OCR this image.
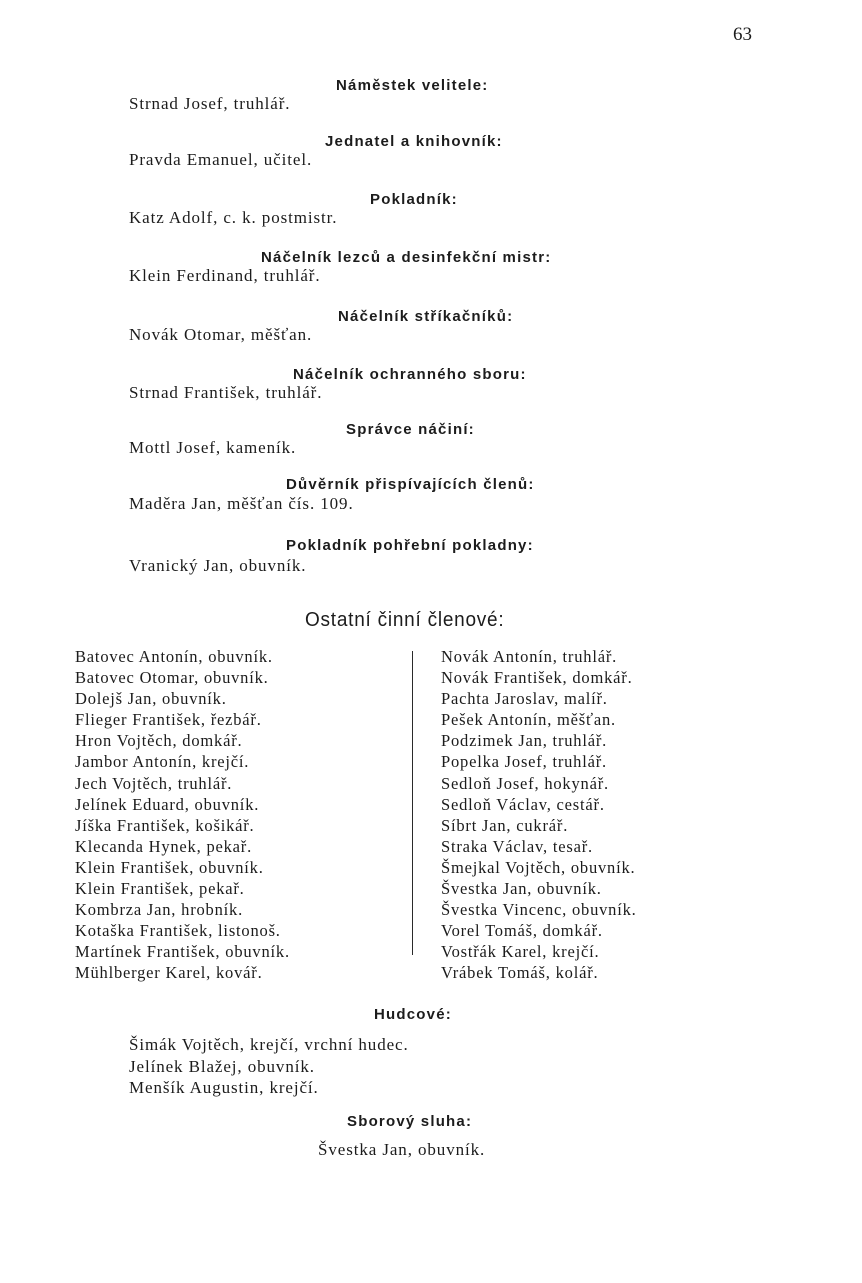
63
Náměstek velitele:
Strnad Josef, truhlář.
Jednatel a knihovník:
Pravda Emanuel, učitel.
Pokladník:
Katz Adolf, c. k. postmistr.
Náčelník lezců a desinfekční mistr:
Klein Ferdinand, truhlář.
Náčelník stříkačníků:
Novák Otomar, měšťan.
Náčelník ochranného sboru:
Strnad František, truhlář.
Správce náčiní:
Mottl Josef, kameník.
Důvěrník přispívajících členů:
Maděra Jan, měšťan čís. 109.
Pokladník pohřební pokladny:
Vranický Jan, obuvník.
Ostatní činní členové:
Batovec Antonín, obuvník.
Batovec Otomar, obuvník.
Dolejš Jan, obuvník.
Flieger František, řezbář.
Hron Vojtěch, domkář.
Jambor Antonín, krejčí.
Jech Vojtěch, truhlář.
Jelínek Eduard, obuvník.
Jíška František, košikář.
Klecanda Hynek, pekař.
Klein František, obuvník.
Klein František, pekař.
Kombrza Jan, hrobník.
Kotaška František, listonoš.
Martínek František, obuvník.
Mühlberger Karel, kovář.
Novák Antonín, truhlář.
Novák František, domkář.
Pachta Jaroslav, malíř.
Pešek Antonín, měšťan.
Podzimek Jan, truhlář.
Popelka Josef, truhlář.
Sedloň Josef, hokynář.
Sedloň Václav, cestář.
Síbrt Jan, cukrář.
Straka Václav, tesař.
Šmejkal Vojtěch, obuvník.
Švestka Jan, obuvník.
Švestka Vincenc, obuvník.
Vorel Tomáš, domkář.
Vostřák Karel, krejčí.
Vrábek Tomáš, kolář.
Hudcové:
Šimák Vojtěch, krejčí, vrchní hudec.
Jelínek Blažej, obuvník.
Menšík Augustin, krejčí.
Sborový sluha:
Švestka Jan, obuvník.
